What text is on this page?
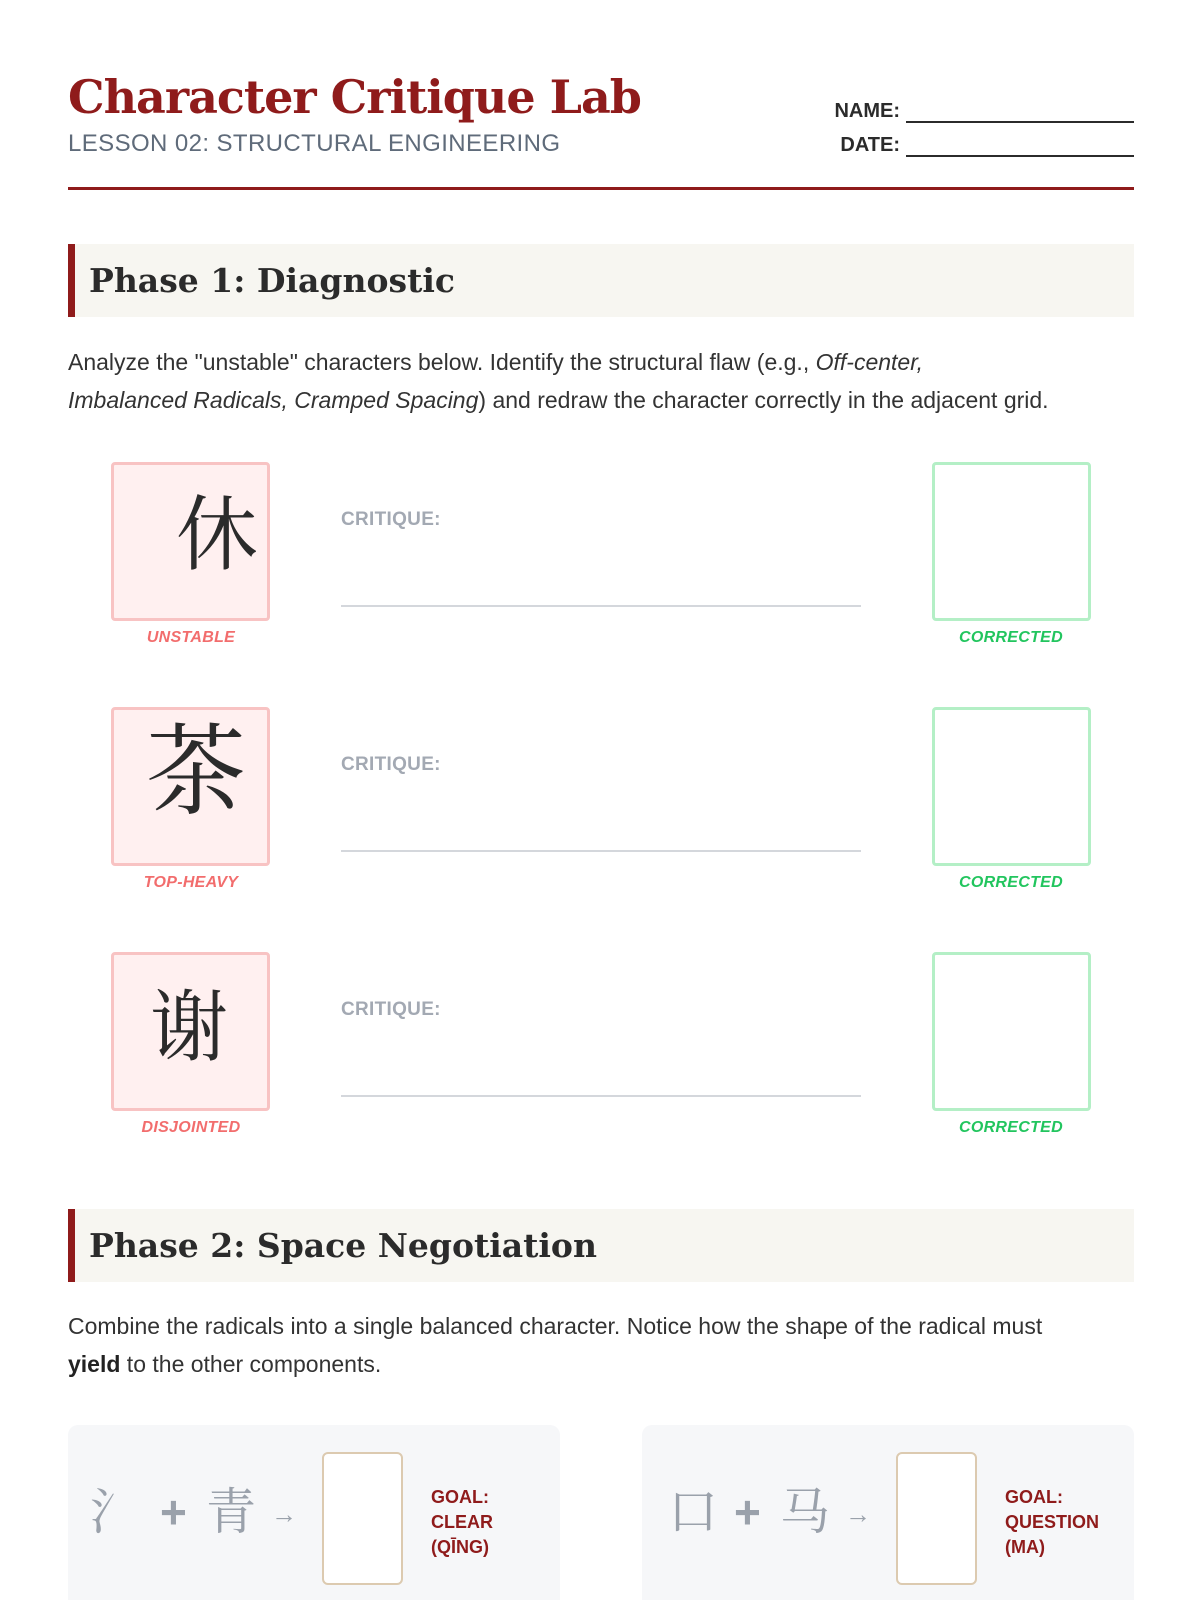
Character Critique Lab
LESSON 02: STRUCTURAL ENGINEERING
NAME:
DATE:
Phase 1: Diagnostic

Analyze the "unstable" characters below. Identify the structural flaw (e.g., Off-center,
Imbalanced Radicals, Cramped Spacing) and redraw the character correctly in the adjacent grid.

休
UNSTABLE
CRITIQUE:
CORRECTED
茶
TOP-HEAVY
CRITIQUE:
CORRECTED
谢
DISJOINTED
CRITIQUE:
CORRECTED
Phase 2: Space Negotiation

Combine the radicals into a single balanced character. Notice how the shape of the radical must
yield to the other components.

氵 + 青 →
GOAL:
CLEAR
(QĪNG)
口 + 马 →
GOAL:
QUESTION
(MA)
